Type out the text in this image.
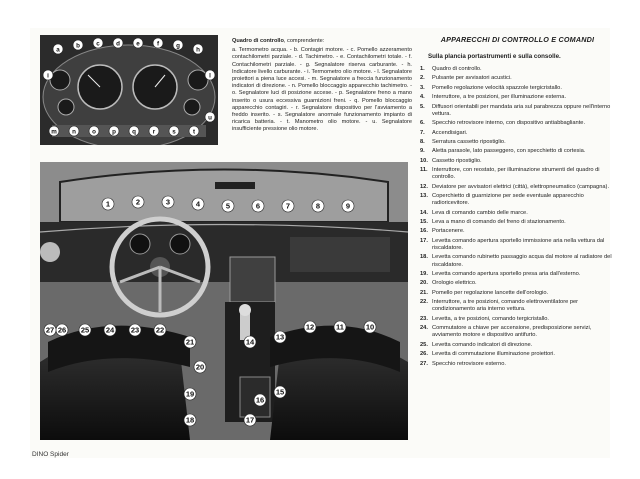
a
b	c	d	e	f	g
h
i	l
m n	o	p	q	r	s	t
u
Quadro di controllo, comprendente:
a. Termometro acqua. - b. Contagiri motore. - c. Pomello azzeramento contachilometri parziale. - d. Tachimetro. - e. Contachilometri totale. - f. Contachilometri parziale. - g. Segnalatore riserva carburante. - h. Indicatore livello carburante. - i. Termometro olio motore. - l. Segnalatore proiettori a piena luce accesi. - m. Segnalatore a freccia funzionamento indicatori di direzione. - n. Pomello bloccaggio apparecchio tachimetro. - o. Segnalatore luci di posizione accese. - p. Segnalatore freno a mano inserito o usura eccessiva guarnizioni freni. - q. Pomello bloccaggio apparecchio contagiri. - r. Segnalatore dispositivo per l'avviamento a freddo inserito. - s. Segnalatore anormale funzionamento impianto di ricarica batteria. - t. Manometro olio motore. - u. Segnalatore insufficiente pressione olio motore.
1	2	3	4	5	6	7	8	9
10
11
12
13
14
15
16
17
18
19
20
21
22
23
24
25
26
27
APPARECCHI DI CONTROLLO E COMANDI
Sulla plancia portastrumenti e sulla consolle.
1.	Quadro di controllo.
2.	Pulsante per avvisatori acustici.
3.	Pomello regolazione velocità spazzole tergicristallo.
4.	Interruttore, a tre posizioni, per illuminazione esterna.
5.	Diffusori orientabili per mandata aria sul parabrezza oppure nell'interno vettura.
6.	Specchio retrovisore interno, con dispositivo antiabbagliante.
7.	Accendisigari.
8.	Serratura cassetto ripostiglio.
9.	Aletta parasole, lato passeggero, con specchietto di cortesia.
10. Cassetto ripostiglio.
11. Interruttore, con reostato, per illuminazione strumenti del quadro di controllo.
12. Deviatore per avvisatori elettrici (città), elettropneumatico (campagna).
13. Coperchietto di guarnizione per sede eventuale apparecchio radioricevitore.
14. Leva di comando cambio delle marce.
15. Leva a mano di comando del freno di stazionamento.
16. Portacenere.
17. Levetta comando apertura sportello immissione aria nella vettura dal riscaldatore.
18. Levetta comando rubinetto passaggio acqua dal motore al radiatore del riscaldatore.
19. Levetta comando apertura sportello presa aria dall'esterno.
20. Orologio elettrico.
21. Pomello per regolazione lancette dell'orologio.
22. Interruttore, a tre posizioni, comando elettroventilatore per condizionamento aria interno vettura.
23. Levetta, a tre posizioni, comando tergicristallo.
24. Commutatore a chiave per accensione, predisposizione servizi, avviamento motore e dispositivo antifurto.
25. Levetta comando indicatori di direzione.
26. Levetta di commutazione illuminazione proiettori.
27. Specchio retrovisore esterno.
DINO Spider
